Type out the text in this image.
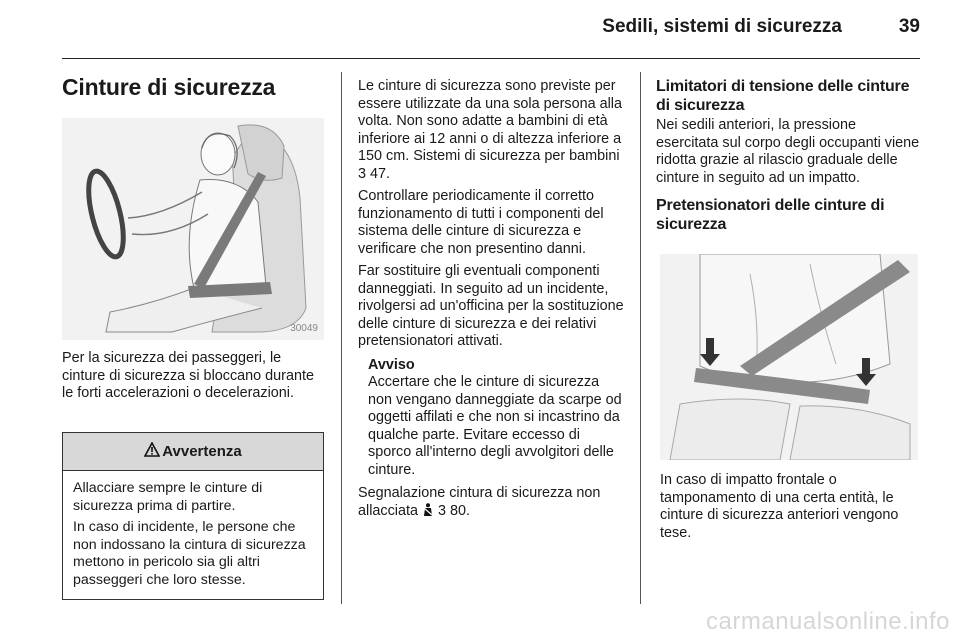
Sedili, sistemi di sicurezza	39
Cinture di sicurezza
30049

Per la sicurezza dei passeggeri, le cinture di sicurezza si bloccano durante le forti accelerazioni o decelerazioni.

Avvertenza

Allacciare sempre le cinture di sicurezza prima di partire.

In caso di incidente, le persone che non indossano la cintura di sicurezza mettono in pericolo sia gli altri passeggeri che loro stesse.

Le cinture di sicurezza sono previste per essere utilizzate da una sola persona alla volta. Non sono adatte a bambini di età inferiore ai 12 anni o di altezza inferiore a 150 cm. Sistemi di sicurezza per bambini
3 47.

Controllare periodicamente il corretto funzionamento di tutti i componenti del sistema delle cinture di sicurezza e verificare che non presentino danni.

Far sostituire gli eventuali componenti danneggiati. In seguito ad un incidente, rivolgersi ad un'officina per la sostituzione delle cinture di sicurezza e dei relativi pretensionatori attivati.

Avviso

Accertare che le cinture di sicurezza non vengano danneggiate da scarpe od oggetti affilati e che non si incastrino da qualche parte. Evitare eccesso di sporco all'interno degli avvolgitori delle cinture.

Segnalazione cintura di sicurezza non allacciata 3 80.

Limitatori di tensione delle cinture di sicurezza

Nei sedili anteriori, la pressione esercitata sul corpo degli occupanti viene ridotta grazie al rilascio graduale delle cinture in seguito ad un impatto.

Pretensionatori delle cinture di sicurezza

In caso di impatto frontale o tamponamento di una certa entità, le cinture di sicurezza anteriori vengono tese.

carmanualsonline.info
